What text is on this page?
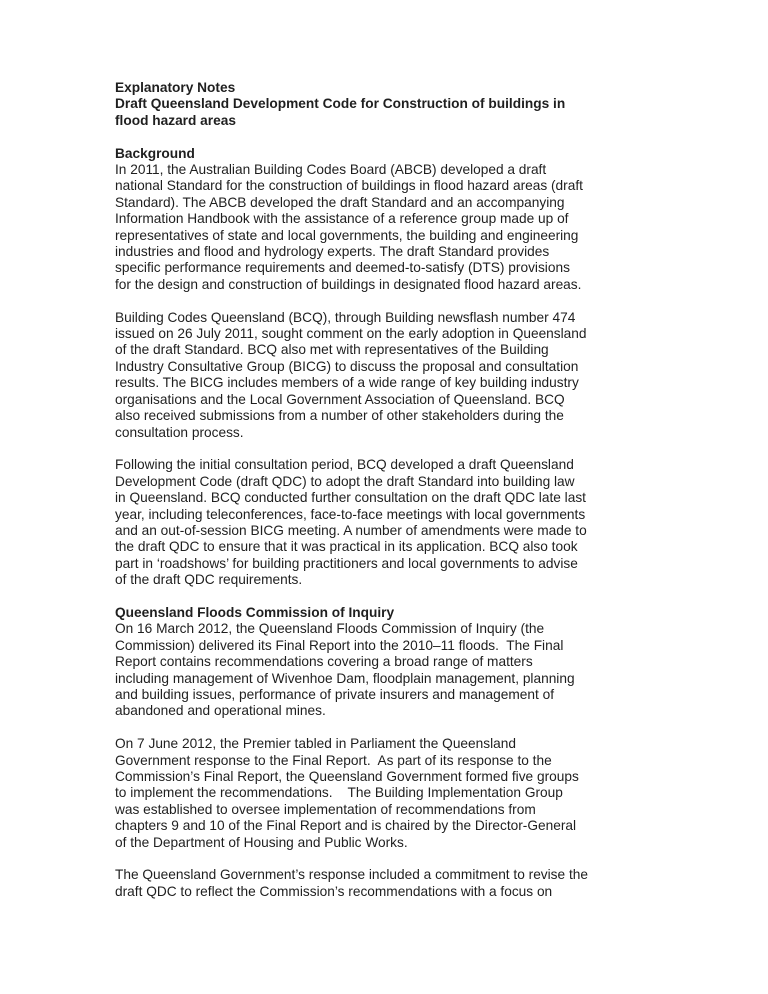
Explanatory Notes
Draft Queensland Development Code for Construction of buildings in
flood hazard areas
Background
In 2011, the Australian Building Codes Board (ABCB) developed a draft
national Standard for the construction of buildings in flood hazard areas (draft
Standard). The ABCB developed the draft Standard and an accompanying
Information Handbook with the assistance of a reference group made up of
representatives of state and local governments, the building and engineering
industries and flood and hydrology experts. The draft Standard provides
specific performance requirements and deemed-to-satisfy (DTS) provisions
for the design and construction of buildings in designated flood hazard areas.
Building Codes Queensland (BCQ), through Building newsflash number 474
issued on 26 July 2011, sought comment on the early adoption in Queensland
of the draft Standard. BCQ also met with representatives of the Building
Industry Consultative Group (BICG) to discuss the proposal and consultation
results. The BICG includes members of a wide range of key building industry
organisations and the Local Government Association of Queensland. BCQ
also received submissions from a number of other stakeholders during the
consultation process.
Following the initial consultation period, BCQ developed a draft Queensland
Development Code (draft QDC) to adopt the draft Standard into building law
in Queensland. BCQ conducted further consultation on the draft QDC late last
year, including teleconferences, face-to-face meetings with local governments
and an out-of-session BICG meeting. A number of amendments were made to
the draft QDC to ensure that it was practical in its application. BCQ also took
part in ‘roadshows’ for building practitioners and local governments to advise
of the draft QDC requirements.
Queensland Floods Commission of Inquiry
On 16 March 2012, the Queensland Floods Commission of Inquiry (the
Commission) delivered its Final Report into the 2010–11 floods.  The Final
Report contains recommendations covering a broad range of matters
including management of Wivenhoe Dam, floodplain management, planning
and building issues, performance of private insurers and management of
abandoned and operational mines.
On 7 June 2012, the Premier tabled in Parliament the Queensland
Government response to the Final Report.  As part of its response to the
Commission’s Final Report, the Queensland Government formed five groups
to implement the recommendations.    The Building Implementation Group
was established to oversee implementation of recommendations from
chapters 9 and 10 of the Final Report and is chaired by the Director-General
of the Department of Housing and Public Works.
The Queensland Government’s response included a commitment to revise the
draft QDC to reflect the Commission’s recommendations with a focus on
